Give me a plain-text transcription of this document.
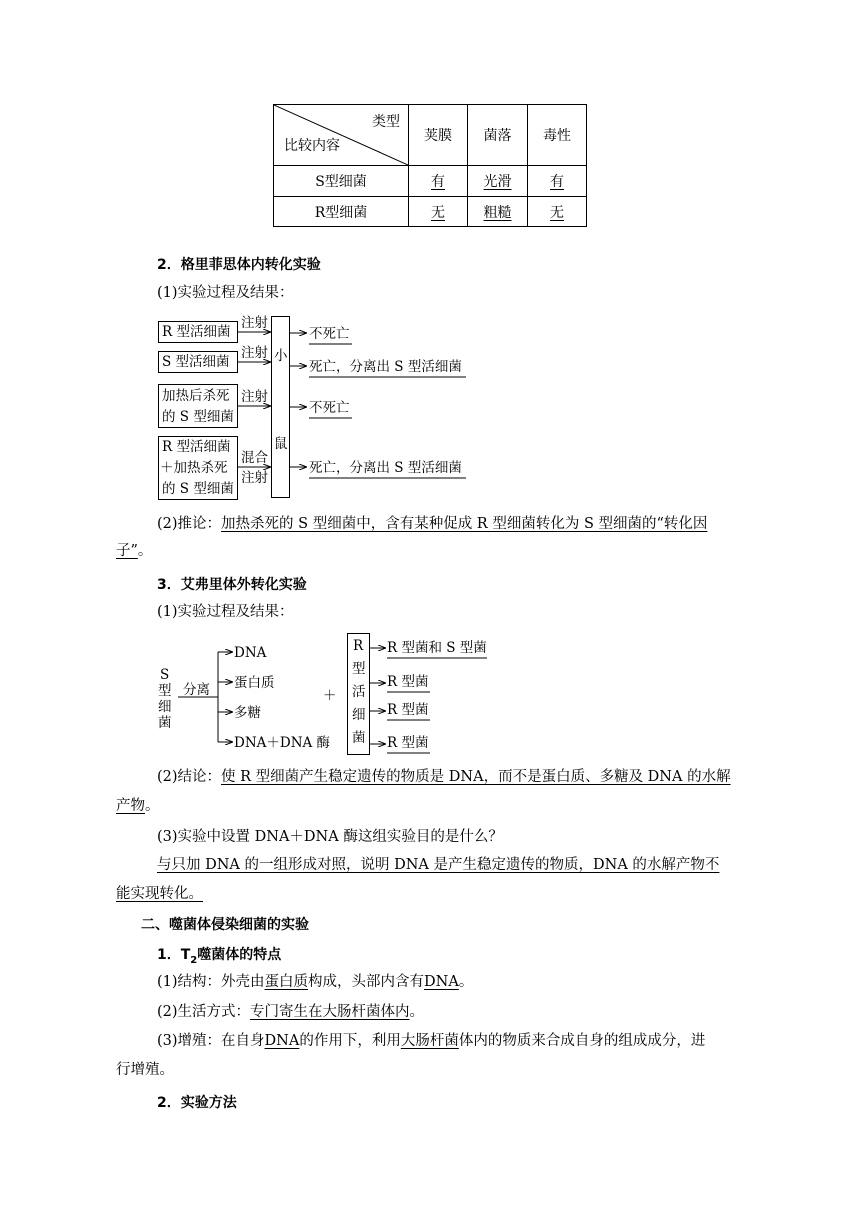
类型
比较内容	荚膜	菌落	毒性
S型细菌	有	光滑	有
R型细菌	无	粗糙	无
2．格里菲思体内转化实验
(1)实验过程及结果：
R 型活细菌
S 型活细菌
加热后杀死
的 S 型细菌
R 型活细菌
＋加热杀死
的 S 型细菌
注射
注射
注射
混合
注射
小
鼠
不死亡
死亡，分离出 S 型活细菌
不死亡
死亡，分离出 S 型活细菌
(2)推论：加热杀死的 S 型细菌中，含有某种促成 R 型细菌转化为 S 型细菌的“转化因
子”。
3．艾弗里体外转化实验
(1)实验过程及结果：
S
型
细
菌
分离
DNA
蛋白质
多糖
DNA＋DNA 酶
＋
R
型
活
细
菌
R 型菌和 S 型菌
R 型菌
R 型菌
R 型菌
(2)结论：使 R 型细菌产生稳定遗传的物质是 DNA，而不是蛋白质、多糖及 DNA 的水解
产物。
(3)实验中设置 DNA＋DNA 酶这组实验目的是什么？
与只加 DNA 的一组形成对照，说明 DNA 是产生稳定遗传的物质，DNA 的水解产物不
能实现转化。
二、噬菌体侵染细菌的实验
1．$T_2$噬菌体的特点
(1)结构：外壳由蛋白质构成，头部内含有DNA。
(2)生活方式：专门寄生在大肠杆菌体内。
(3)增殖：在自身DNA的作用下，利用大肠杆菌体内的物质来合成自身的组成成分，进
行增殖。
2．实验方法
